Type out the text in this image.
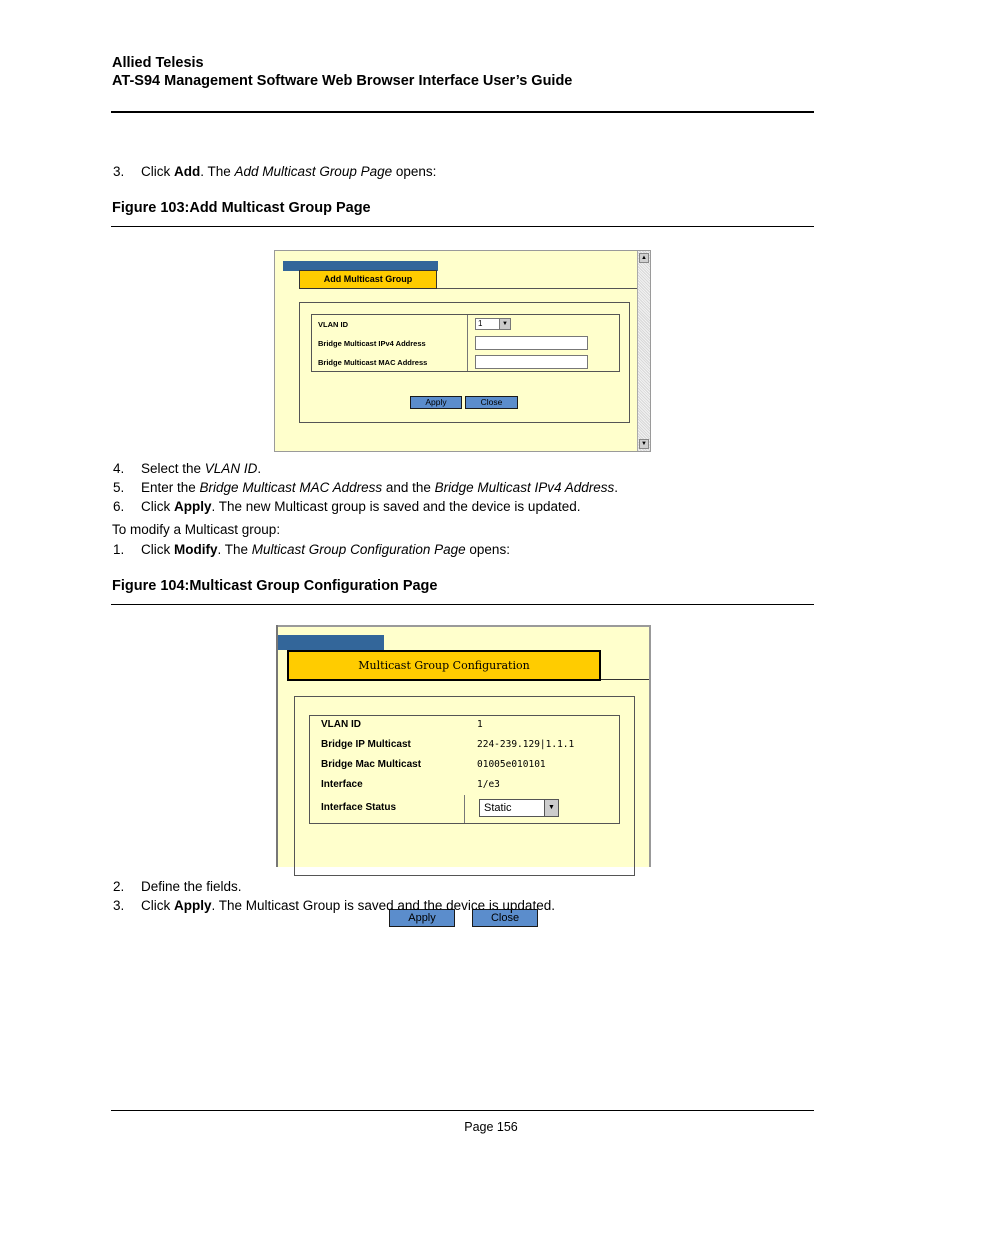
Allied Telesis
AT-S94 Management Software Web Browser Interface User’s Guide
3. Click Add. The Add Multicast Group Page opens:
Figure 103:Add Multicast Group Page
Add Multicast Group
VLAN ID	1	▼
Bridge Multicast IPv4 Address
Bridge Multicast MAC Address
Apply	Close
▲
▼
4. Select the VLAN ID.
5. Enter the Bridge Multicast MAC Address and the Bridge Multicast IPv4 Address.
6. Click Apply. The new Multicast group is saved and the device is updated.
To modify a Multicast group:
1. Click Modify. The Multicast Group Configuration Page opens:
Figure 104:Multicast Group Configuration Page
Multicast Group Configuration
VLAN ID	1
Bridge IP Multicast	224-239.129|1.1.1
Bridge Mac Multicast	01005e010101
Interface	1/e3
Interface Status	Static	▼
Apply	Close
2. Define the fields.
3. Click Apply. The Multicast Group is saved and the device is updated.
Page 156
